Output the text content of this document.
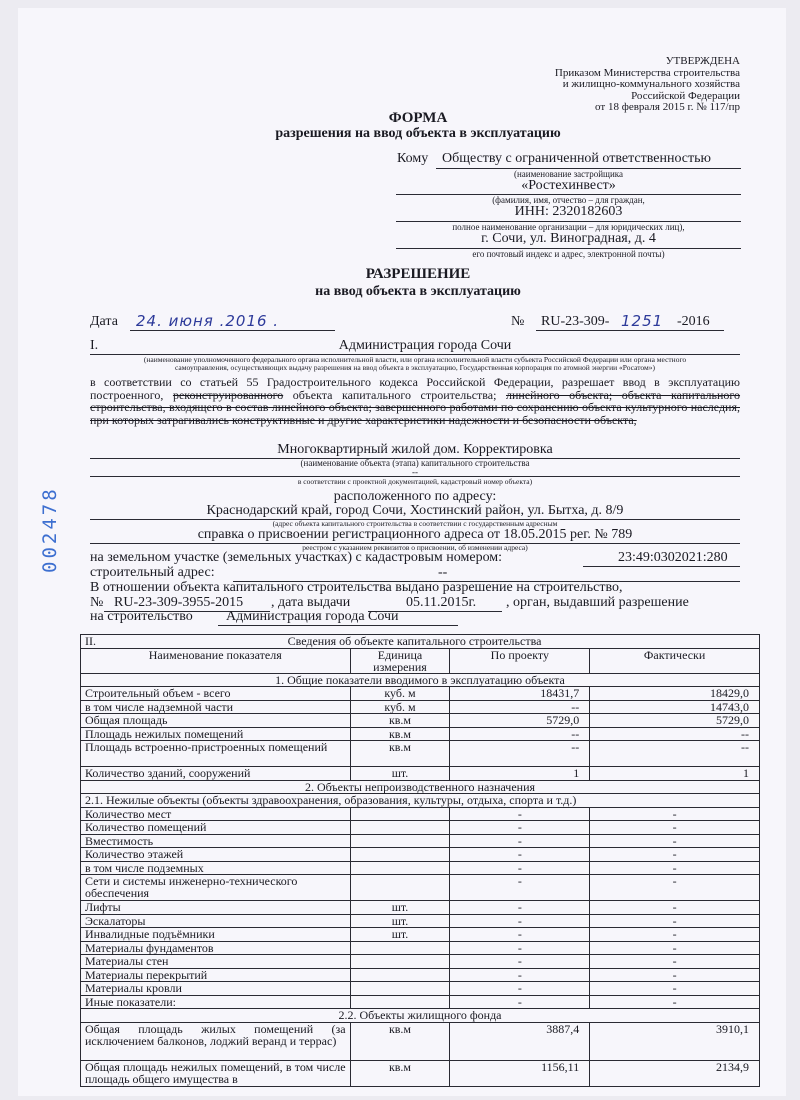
УТВЕРЖДЕНА
Приказом Министерства строительства
и жилищно-коммунального хозяйства
Российской Федерации
от 18 февраля 2015 г. № 117/пр
ФОРМА
разрешения на ввод объекта в эксплуатацию
Кому Обществу с ограниченной ответственностью
(наименование застройщика
«Ростехинвест»
(фамилия, имя, отчество – для граждан,
ИНН: 2320182603
полное наименование организации – для юридических лиц),
г. Сочи, ул. Виноградная, д. 4
его почтовый индекс и адрес, электронной почты)
РАЗРЕШЕНИЕ
на ввод объекта в эксплуатацию
Дата 24. июня .2016 .	№ RU-23-309- 1251 -2016
I.	Администрация города Сочи
(наименование уполномоченного федерального органа исполнительной власти, или органа исполнительной власти субъекта Российской Федерации или органа местного
самоуправления, осуществляющих выдачу разрешения на ввод объекта в эксплуатацию, Государственная корпорация по атомной энергии «Росатом»)
в соответствии со статьей 55 Градостроительного кодекса Российской Федерации, разрешает ввод в эксплуатацию построенного, реконструированного объекта капитального строительства; линейного объекта; объекта капитального строительства, входящего в состав линейного объекта; завершенного работами по сохранению объекта культурного наследия, при которых затрагивались конструктивные и другие характеристики надежности и безопасности объекта,
Многоквартирный жилой дом. Корректировка
(наименование объекта (этапа) капитального строительства
--
в соответствии с проектной документацией, кадастровый номер объекта)
расположенного по адресу:
Краснодарский край, город Сочи, Хостинский район, ул. Бытха, д. 8/9
(адрес объекта капитального строительства в соответствии с государственным адресным
справка о присвоении регистрационного адреса от 18.05.2015 рег. № 789
реестром с указанием реквизитов о присвоении, об изменении адреса)
на земельном участке (земельных участках) с кадастровым номером:	23:49:0302021:280
строительный адрес:	--
В отношении объекта капитального строительства выдано разрешение на строительство,
№ RU-23-309-3955-2015 , дата выдачи	05.11.2015г. , орган, выдавший разрешение
на строительство Администрация города Сочи
002478
II.	Сведения об объекте капитального строительства		
Наименование показателя	Единица измерения	По проекту	Фактически
1. Общие показатели вводимого в эксплуатацию объекта			
Строительный объем - всего	куб. м	18431,7	18429,0
в том числе надземной части	куб. м	--	14743,0
Общая площадь	кв.м	5729,0	5729,0
Площадь нежилых помещений	кв.м	--	--
Площадь встроенно-пристроенных помещений	кв.м	--	--
Количество зданий, сооружений	шт.	1	1
2. Объекты непроизводственного назначения			
2.1. Нежилые объекты (объекты здравоохранения, образования, культуры, отдыха, спорта и т.д.)			
Количество мест		-	-
Количество помещений		-	-
Вместимость		-	-
Количество этажей		-	-
в том числе подземных		-	-
Сети и системы инженерно-технического обеспечения		-	-
Лифты	шт.	-	-
Эскалаторы	шт.	-	-
Инвалидные подъёмники	шт.	-	-
Материалы фундаментов		-	-
Материалы стен		-	-
Материалы перекрытий		-	-
Материалы кровли		-	-
Иные показатели:		-	-
2.2. Объекты жилищного фонда			
Общая площадь жилых помещений (за исключением балконов, лоджий веранд и террас)	кв.м	3887,4	3910,1
Общая площадь нежилых помещений, в том числе площадь общего имущества в	кв.м	1156,11	2134,9
